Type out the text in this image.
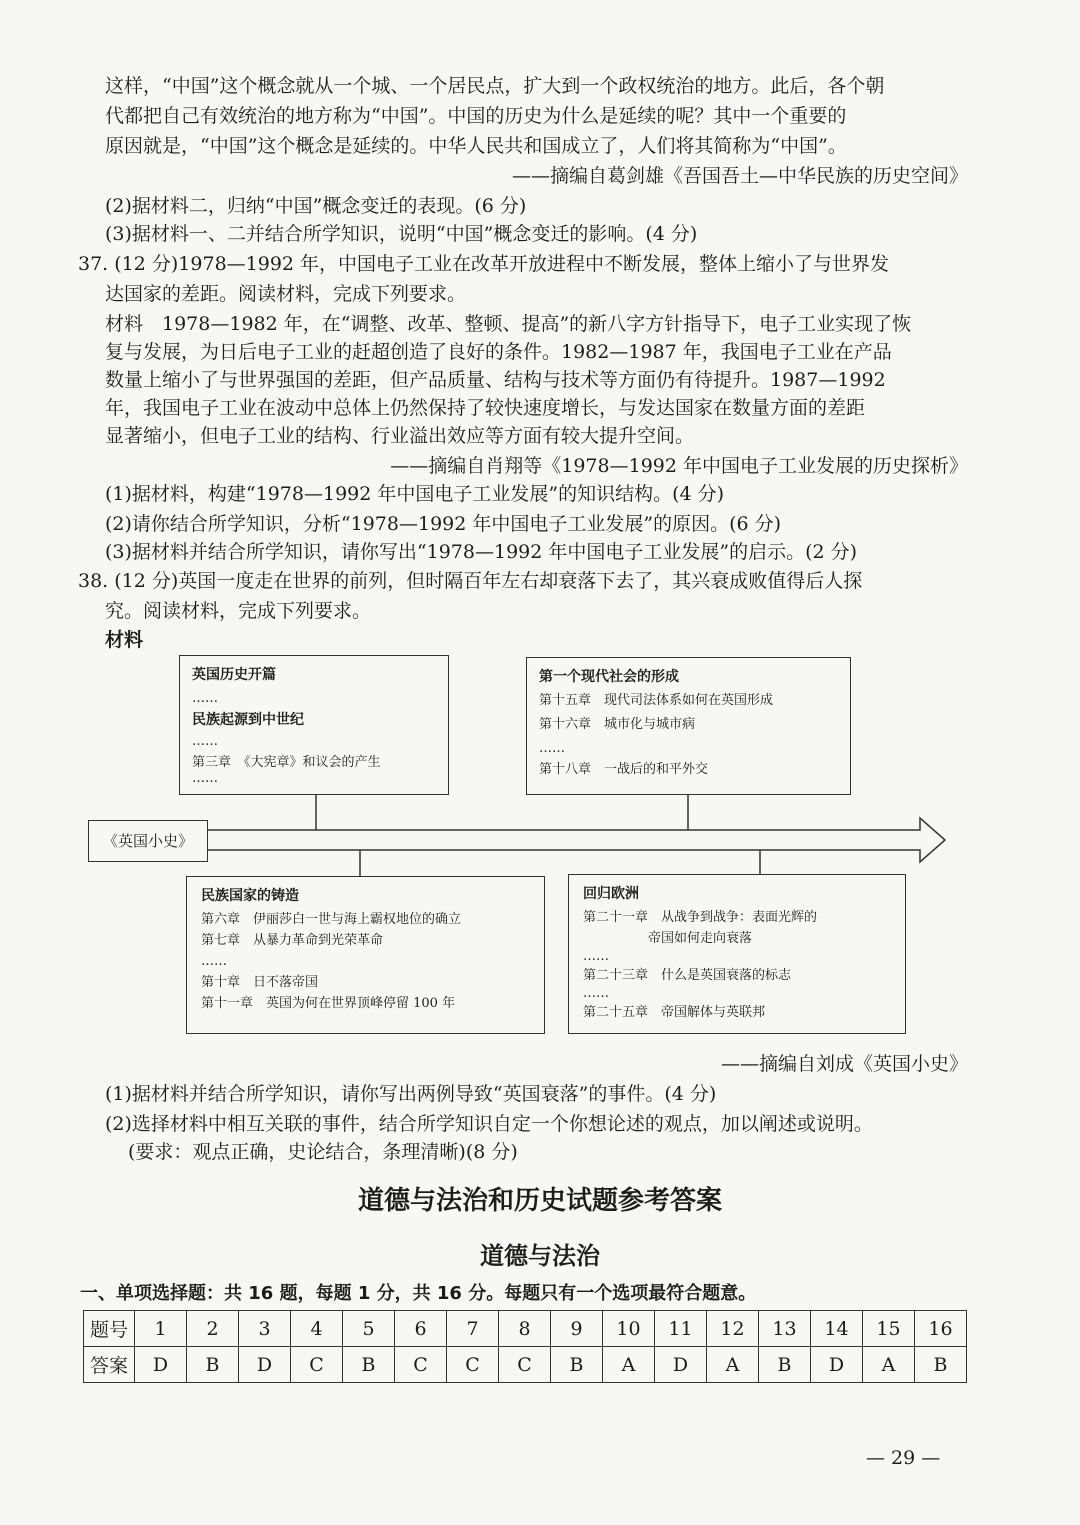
这样，“中国”这个概念就从一个城、一个居民点，扩大到一个政权统治的地方。此后，各个朝
代都把自己有效统治的地方称为“中国”。中国的历史为什么是延续的呢？其中一个重要的
原因就是，“中国”这个概念是延续的。中华人民共和国成立了，人们将其简称为“中国”。
——摘编自葛剑雄《吾国吾土—中华民族的历史空间》
(2)据材料二，归纳“中国”概念变迁的表现。(6 分)
(3)据材料一、二并结合所学知识，说明“中国”概念变迁的影响。(4 分)
37. (12 分)1978—1992 年，中国电子工业在改革开放进程中不断发展，整体上缩小了与世界发
达国家的差距。阅读材料，完成下列要求。
材料　1978—1982 年，在“调整、改革、整顿、提高”的新八字方针指导下，电子工业实现了恢
复与发展，为日后电子工业的赶超创造了良好的条件。1982—1987 年，我国电子工业在产品
数量上缩小了与世界强国的差距，但产品质量、结构与技术等方面仍有待提升。1987—1992
年，我国电子工业在波动中总体上仍然保持了较快速度增长，与发达国家在数量方面的差距
显著缩小，但电子工业的结构、行业溢出效应等方面有较大提升空间。
——摘编自肖翔等《1978—1992 年中国电子工业发展的历史探析》
(1)据材料，构建“1978—1992 年中国电子工业发展”的知识结构。(4 分)
(2)请你结合所学知识，分析“1978—1992 年中国电子工业发展”的原因。(6 分)
(3)据材料并结合所学知识，请你写出“1978—1992 年中国电子工业发展”的启示。(2 分)
38. (12 分)英国一度走在世界的前列，但时隔百年左右却衰落下去了，其兴衰成败值得后人探
究。阅读材料，完成下列要求。
材料
《英国小史》
英国历史开篇
……
民族起源到中世纪
……
第三章　《大宪章》和议会的产生
……
第一个现代社会的形成
第十五章　现代司法体系如何在英国形成
第十六章　城市化与城市病
……
第十八章　一战后的和平外交
民族国家的铸造
第六章　伊丽莎白一世与海上霸权地位的确立
第七章　从暴力革命到光荣革命
……
第十章　日不落帝国
第十一章　英国为何在世界顶峰停留 100 年
回归欧洲
第二十一章　从战争到战争：表面光辉的
　　　　　帝国如何走向衰落
……
第二十三章　什么是英国衰落的标志
……
第二十五章　帝国解体与英联邦
——摘编自刘成《英国小史》
(1)据材料并结合所学知识，请你写出两例导致“英国衰落”的事件。(4 分)
(2)选择材料中相互关联的事件，结合所学知识自定一个你想论述的观点，加以阐述或说明。
(要求：观点正确，史论结合，条理清晰)(8 分)
道德与法治和历史试题参考答案
道德与法治
一、单项选择题：共 16 题，每题 1 分，共 16 分。每题只有一个选项最符合题意。
题号	1	2	3	4	5	6	7	8	9	10	11	12	13	14	15	16
答案	D	B	D	C	B	C	C	C	B	A	D	A	B	D	A	B
— 29 —
